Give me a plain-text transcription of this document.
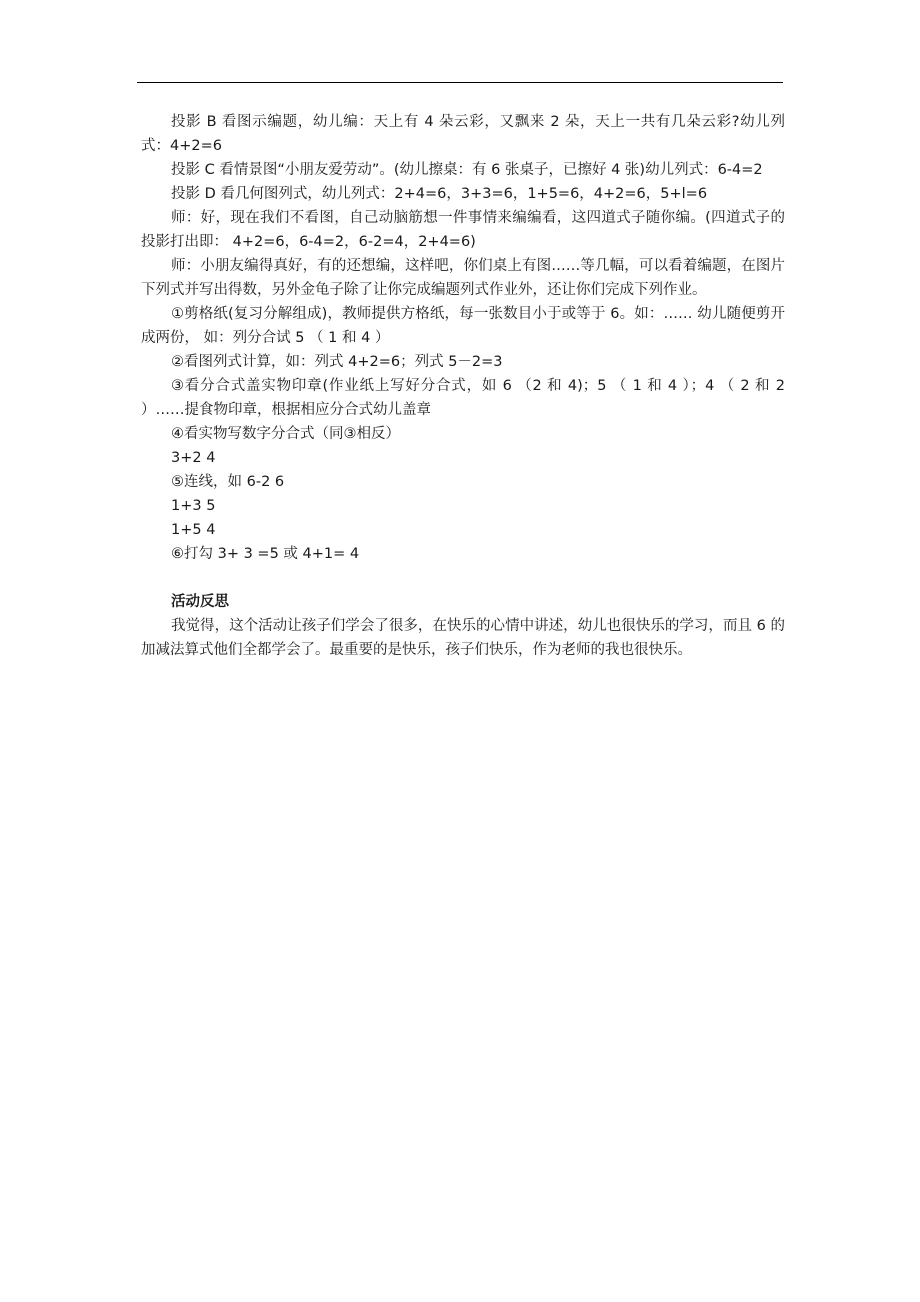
投影 B 看图示编题，幼儿编：天上有 4 朵云彩，又飘来 2 朵，天上一共有几朵云彩?幼儿列式：4+2=6

投影 C 看情景图“小朋友爱劳动”。(幼儿擦桌：有 6 张桌子，已擦好 4 张)幼儿列式：6-4=2

投影 D 看几何图列式，幼儿列式：2+4=6，3+3=6，1+5=6，4+2=6，5+l=6

师：好，现在我们不看图，自己动脑筋想一件事情来编编看，这四道式子随你编。(四道式子的投影打出即： 4+2=6，6-4=2，6-2=4，2+4=6)

师：小朋友编得真好，有的还想编，这样吧，你们桌上有图……等几幅，可以看着编题，在图片下列式并写出得数，另外金龟子除了让你完成编题列式作业外，还让你们完成下列作业。

①剪格纸(复习分解组成)，教师提供方格纸，每一张数目小于或等于 6。如：…… 幼儿随便剪开成两份， 如：列分合试 5 （ 1 和 4 ）

②看图列式计算，如：列式 4+2=6；列式 5－2=3

③看分合式盖实物印章(作业纸上写好分合式，如 6 （2 和 4)；5 （ 1 和 4 ）；4 （ 2 和 2 ）……提食物印章，根据相应分合式幼儿盖章

④看实物写数字分合式（同③相反）

3+2 4

⑤连线，如 6-2 6

1+3 5

1+5 4

⑥打勾 3+ 3 =5 或 4+1= 4

活动反思

我觉得，这个活动让孩子们学会了很多，在快乐的心情中讲述，幼儿也很快乐的学习，而且 6 的加减法算式他们全都学会了。最重要的是快乐，孩子们快乐，作为老师的我也很快乐。
